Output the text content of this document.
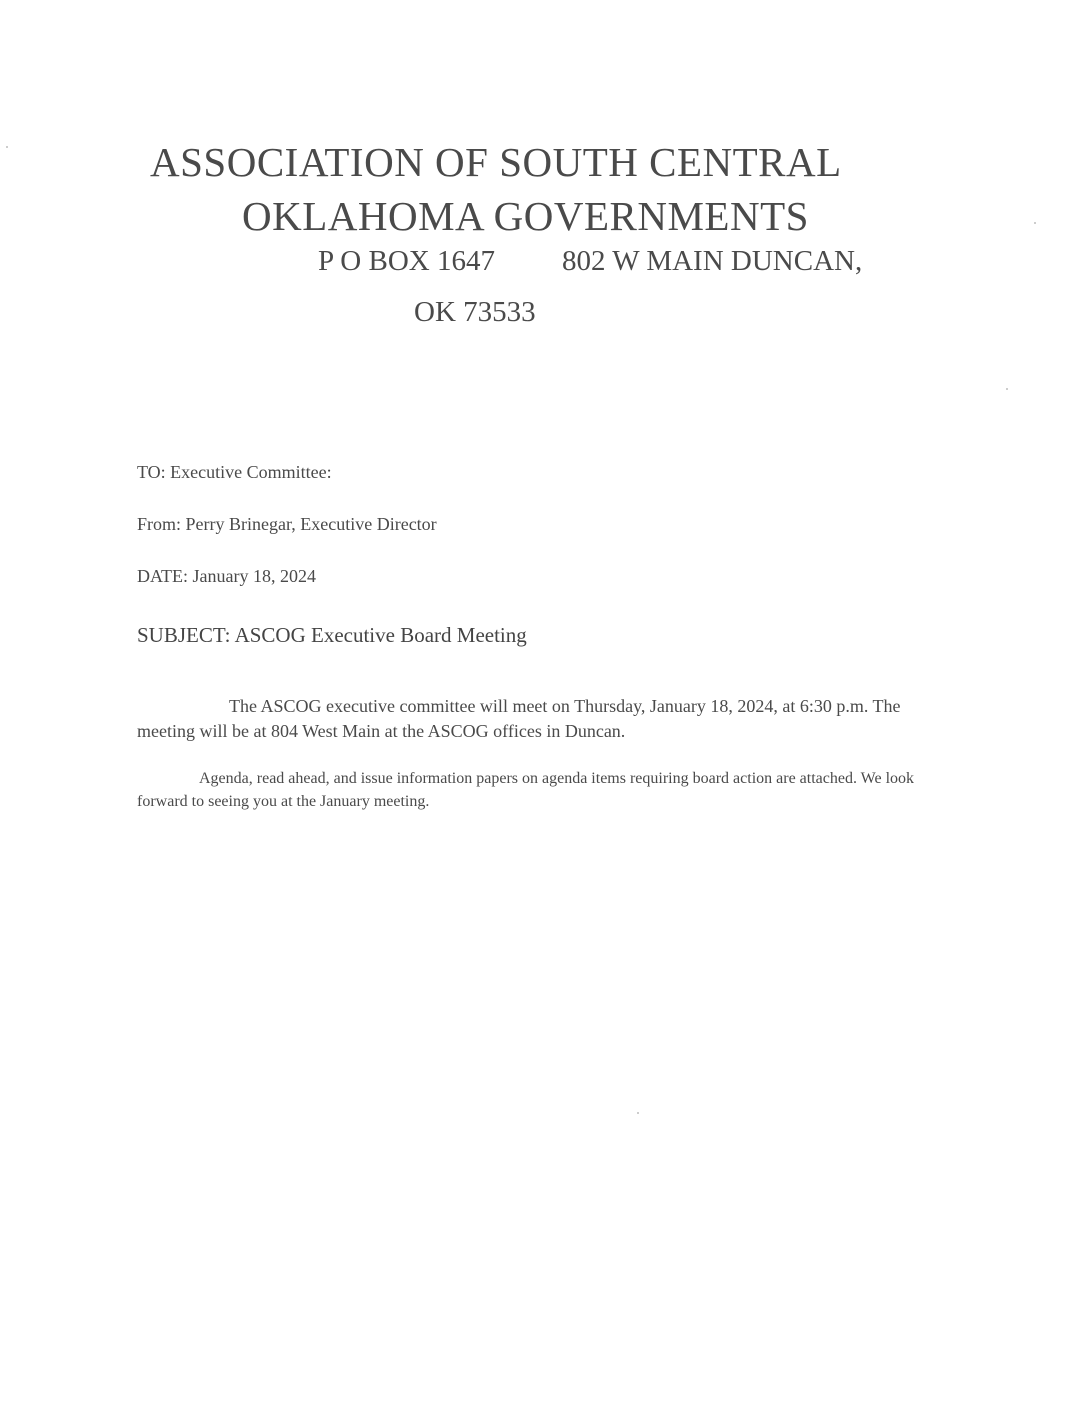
ASSOCIATION OF SOUTH CENTRAL
OKLAHOMA GOVERNMENTS
P O BOX 1647 802 W MAIN DUNCAN,
OK 73533
TO: Executive Committee:
From: Perry Brinegar, Executive Director
DATE: January 18, 2024
SUBJECT: ASCOG Executive Board Meeting
The ASCOG executive committee will meet on Thursday, January 18, 2024, at 6:30 p.m. The meeting will be at 804 West Main at the ASCOG offices in Duncan.
Agenda, read ahead, and issue information papers on agenda items requiring board action are attached. We look forward to seeing you at the January meeting.
